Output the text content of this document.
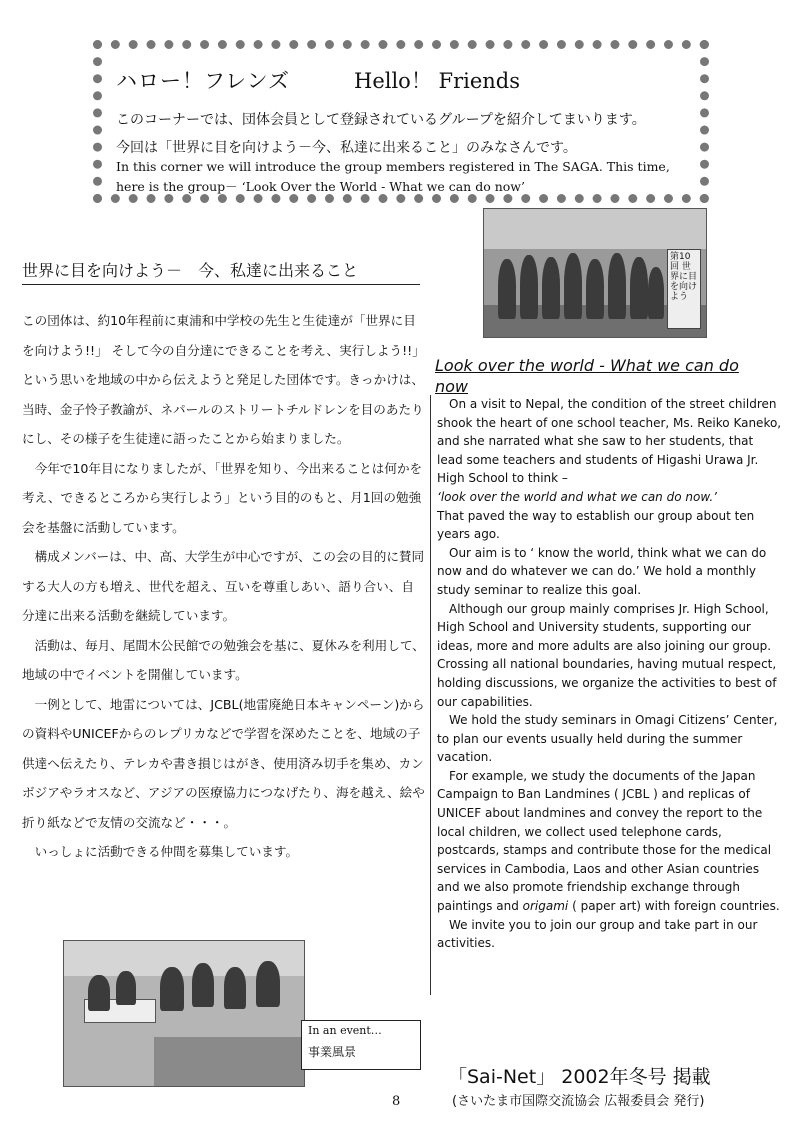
ハロー！フレンズ	Hello！ Friends
このコーナーでは、団体会員として登録されているグループを紹介してまいります。
今回は「世界に目を向けよう－今、私達に出来ること」のみなさんです。
In this corner we will introduce the group members registered in The SAGA. This time,
here is the group－ ‘Look Over the World - What we can do now’
第10回 世界に目を向けよう
世界に目を向けよう－　今、私達に出来ること

この団体は、約10年程前に東浦和中学校の先生と生徒達が「世界に目を向けよう!!」 そして今の自分達にできることを考え、実行しよう!!」という思いを地域の中から伝えようと発足した団体です。きっかけは、当時、金子怜子教諭が、ネパールのストリートチルドレンを目のあたりにし、その様子を生徒達に語ったことから始まりました。

今年で10年目になりましたが、「世界を知り、今出来ることは何かを考え、できるところから実行しよう」という目的のもと、月1回の勉強会を基盤に活動しています。

構成メンバーは、中、高、大学生が中心ですが、この会の目的に賛同する大人の方も増え、世代を超え、互いを尊重しあい、語り合い、自分達に出来る活動を継続しています。

活動は、毎月、尾間木公民館での勉強会を基に、夏休みを利用して、地域の中でイベントを開催しています。

一例として、地雷については、JCBL(地雷廃絶日本キャンペーン)からの資料やUNICEFからのレプリカなどで学習を深めたことを、地域の子供達へ伝えたり、テレカや書き損じはがき、使用済み切手を集め、カンボジアやラオスなど、アジアの医療協力につなげたり、海を越え、絵や折り紙などで友情の交流など・・・。

いっしょに活動できる仲間を募集しています。

Look over the world - What we can do now

On a visit to Nepal, the condition of the street children shook the heart of one school teacher, Ms. Reiko Kaneko, and she narrated what she saw to her students, that lead some teachers and students of Higashi Urawa Jr. High School to think –
‘look over the world and what we can do now.’
That paved the way to establish our group about ten years ago.

Our aim is to ‘ know the world, think what we can do now and do whatever we can do.’ We hold a monthly study seminar to realize this goal.

Although our group mainly comprises Jr. High School, High School and University students, supporting our ideas, more and more adults are also joining our group. Crossing all national boundaries, having mutual respect, holding discussions, we organize the activities to best of our capabilities.

We hold the study seminars in Omagi Citizens’ Center, to plan our events usually held during the summer vacation.

For example, we study the documents of the Japan Campaign to Ban Landmines ( JCBL ) and replicas of UNICEF about landmines and convey the report to the local children, we collect used telephone cards, postcards, stamps and contribute those for the medical services in Cambodia, Laos and other Asian countries and we also promote friendship exchange through paintings and origami ( paper art) with foreign countries.

We invite you to join our group and take part in our activities.

In an event…
事業風景
8
「Sai-Net」 2002年冬号 掲載
(さいたま市国際交流協会 広報委員会 発行)
